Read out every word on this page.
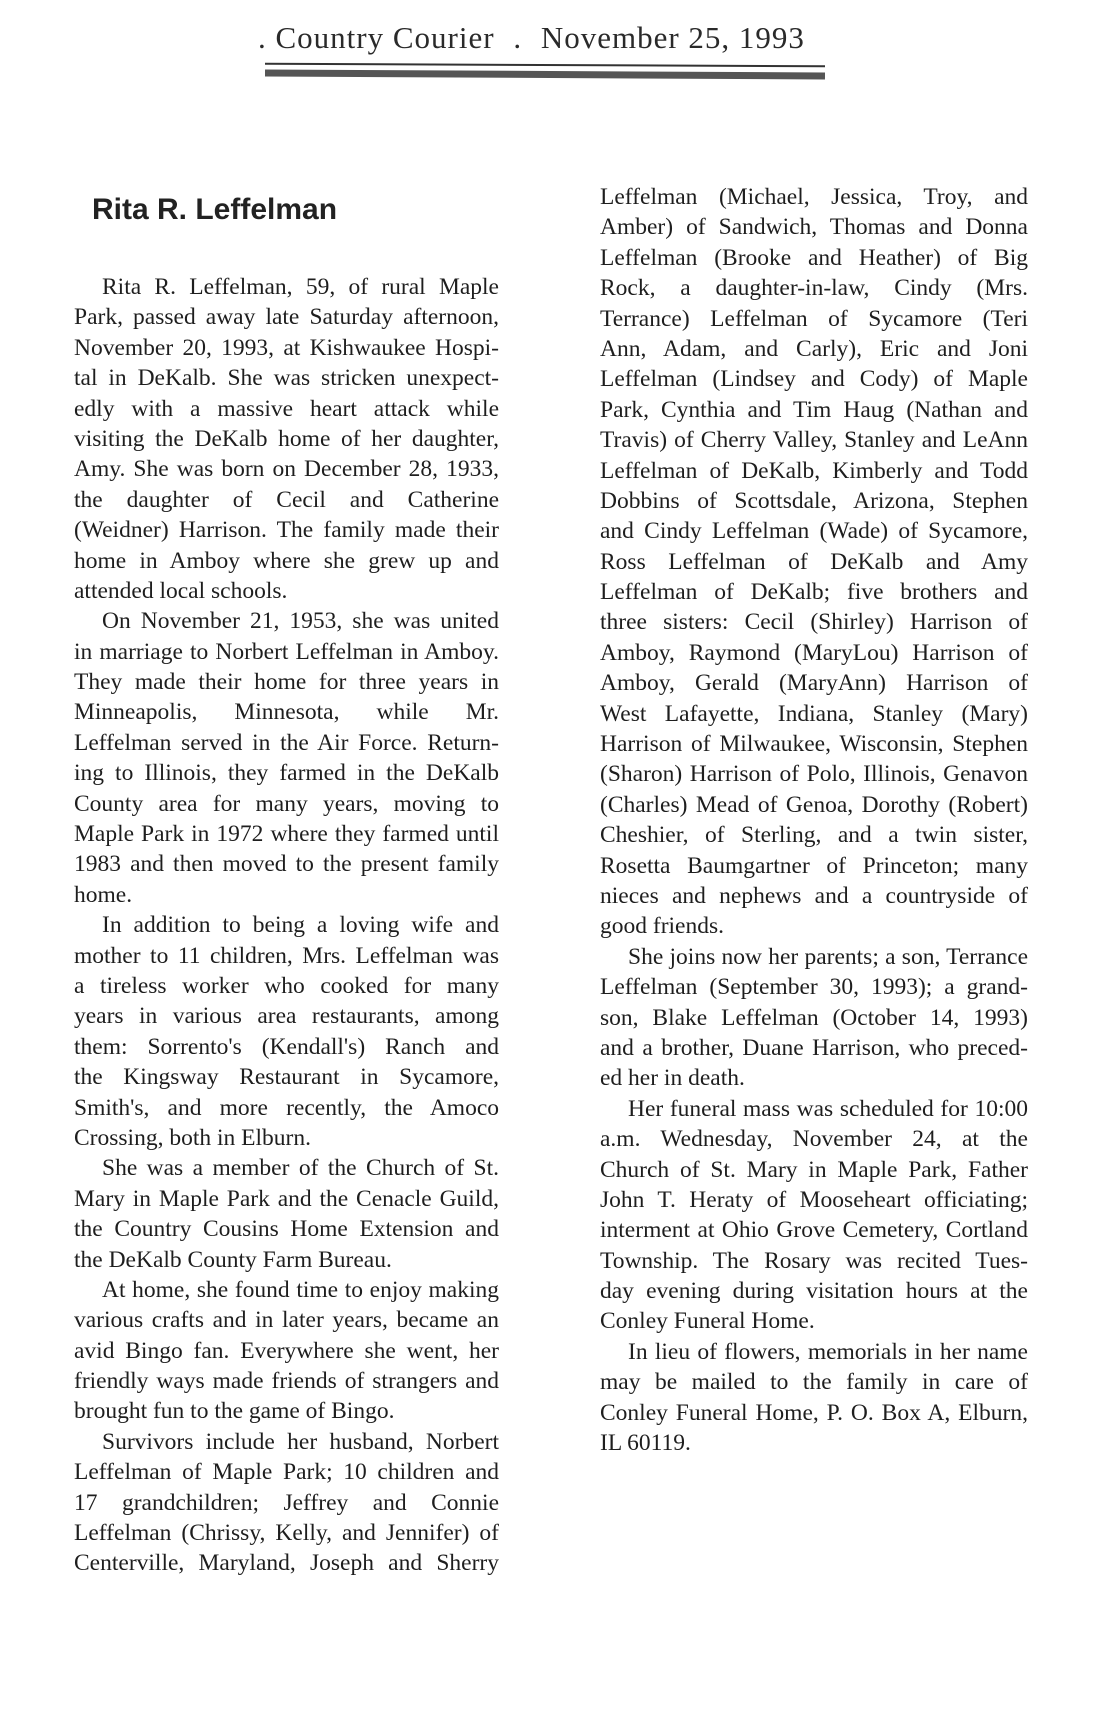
. Country Courier . November 25, 1993
Rita R. Leffelman
Rita R. Leffelman, 59, of rural Maple
Park, passed away late Saturday afternoon,
November 20, 1993, at Kishwaukee Hospi-
tal in DeKalb. She was stricken unexpect-
edly with a massive heart attack while
visiting the DeKalb home of her daughter,
Amy. She was born on December 28, 1933,
the daughter of Cecil and Catherine
(Weidner) Harrison. The family made their
home in Amboy where she grew up and
attended local schools.
On November 21, 1953, she was united
in marriage to Norbert Leffelman in Amboy.
They made their home for three years in
Minneapolis, Minnesota, while Mr.
Leffelman served in the Air Force. Return-
ing to Illinois, they farmed in the DeKalb
County area for many years, moving to
Maple Park in 1972 where they farmed until
1983 and then moved to the present family
home.
In addition to being a loving wife and
mother to 11 children, Mrs. Leffelman was
a tireless worker who cooked for many
years in various area restaurants, among
them: Sorrento's (Kendall's) Ranch and
the Kingsway Restaurant in Sycamore,
Smith's, and more recently, the Amoco
Crossing, both in Elburn.
She was a member of the Church of St.
Mary in Maple Park and the Cenacle Guild,
the Country Cousins Home Extension and
the DeKalb County Farm Bureau.
At home, she found time to enjoy making
various crafts and in later years, became an
avid Bingo fan. Everywhere she went, her
friendly ways made friends of strangers and
brought fun to the game of Bingo.
Survivors include her husband, Norbert
Leffelman of Maple Park; 10 children and
17 grandchildren; Jeffrey and Connie
Leffelman (Chrissy, Kelly, and Jennifer) of
Centerville, Maryland, Joseph and Sherry
Leffelman (Michael, Jessica, Troy, and
Amber) of Sandwich, Thomas and Donna
Leffelman (Brooke and Heather) of Big
Rock, a daughter-in-law, Cindy (Mrs.
Terrance) Leffelman of Sycamore (Teri
Ann, Adam, and Carly), Eric and Joni
Leffelman (Lindsey and Cody) of Maple
Park, Cynthia and Tim Haug (Nathan and
Travis) of Cherry Valley, Stanley and LeAnn
Leffelman of DeKalb, Kimberly and Todd
Dobbins of Scottsdale, Arizona, Stephen
and Cindy Leffelman (Wade) of Sycamore,
Ross Leffelman of DeKalb and Amy
Leffelman of DeKalb; five brothers and
three sisters: Cecil (Shirley) Harrison of
Amboy, Raymond (MaryLou) Harrison of
Amboy, Gerald (MaryAnn) Harrison of
West Lafayette, Indiana, Stanley (Mary)
Harrison of Milwaukee, Wisconsin, Stephen
(Sharon) Harrison of Polo, Illinois, Genavon
(Charles) Mead of Genoa, Dorothy (Robert)
Cheshier, of Sterling, and a twin sister,
Rosetta Baumgartner of Princeton; many
nieces and nephews and a countryside of
good friends.
She joins now her parents; a son, Terrance
Leffelman (September 30, 1993); a grand-
son, Blake Leffelman (October 14, 1993)
and a brother, Duane Harrison, who preced-
ed her in death.
Her funeral mass was scheduled for 10:00
a.m. Wednesday, November 24, at the
Church of St. Mary in Maple Park, Father
John T. Heraty of Mooseheart officiating;
interment at Ohio Grove Cemetery, Cortland
Township. The Rosary was recited Tues-
day evening during visitation hours at the
Conley Funeral Home.
In lieu of flowers, memorials in her name
may be mailed to the family in care of
Conley Funeral Home, P. O. Box A, Elburn,
IL 60119.
